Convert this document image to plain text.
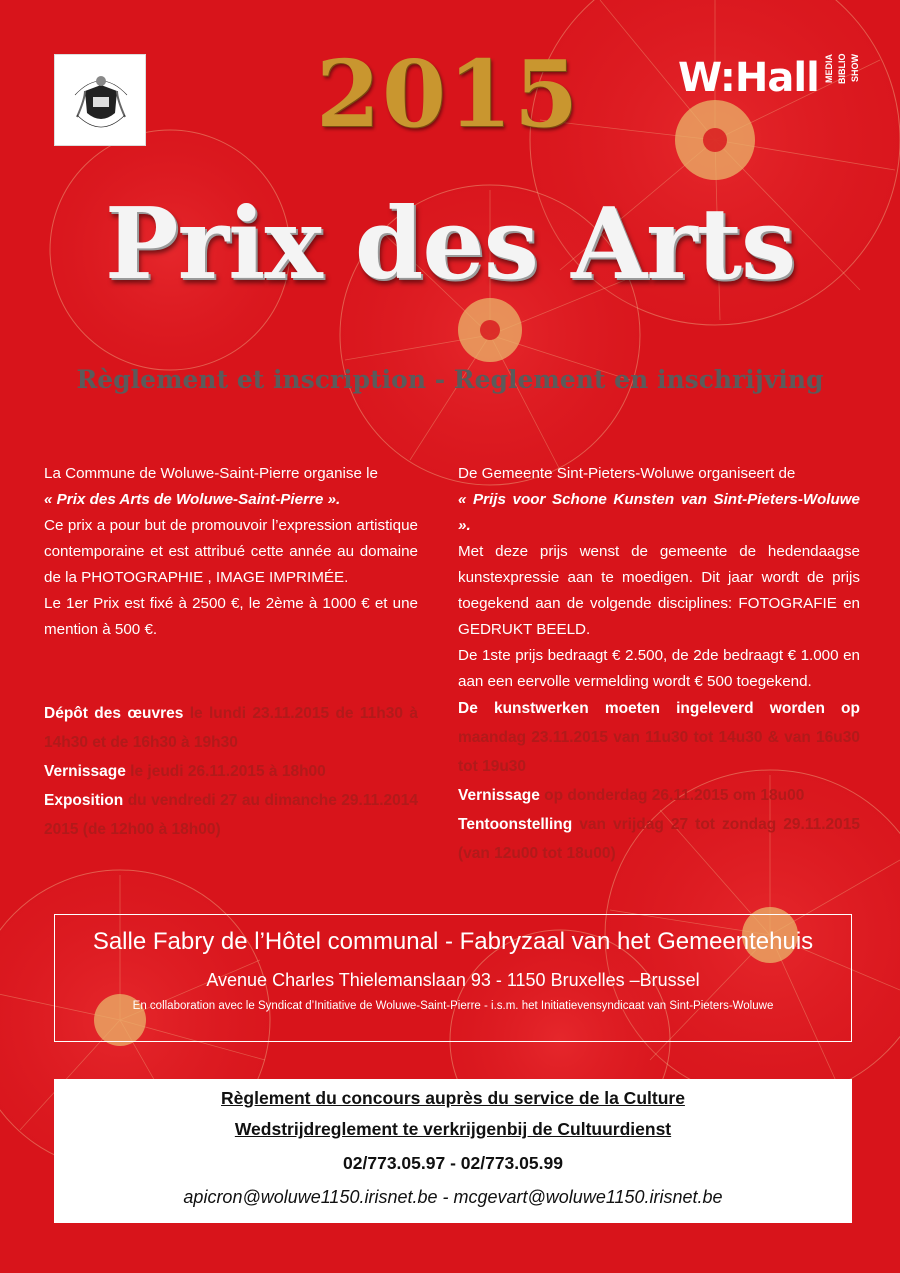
2015	W:Hall MEDIA BIBLIO SHOW
Prix des Arts
Règlement et inscription - Reglement en inschrijving

La Commune de Woluwe-Saint-Pierre organise le

« Prix des Arts de Woluwe-Saint-Pierre ».

Ce prix a pour but de promouvoir l’expression artistique contemporaine et est attribué cette année au domaine de la PHOTOGRAPHIE , IMAGE IMPRIMÉE.

Le 1er Prix est fixé à 2500 €, le 2ème à 1000 € et une mention à 500 €.

De Gemeente Sint-Pieters-Woluwe organiseert de

« Prijs voor Schone Kunsten van Sint-Pieters-Woluwe ».

Met deze prijs wenst de gemeente de hedendaagse kunstexpressie aan te moedigen. Dit jaar wordt de prijs toegekend aan de volgende disciplines: FOTOGRAFIE en GEDRUKT BEELD.

De 1ste prijs bedraagt € 2.500, de 2de bedraagt € 1.000 en aan een eervolle vermelding wordt € 500 toegekend.

Dépôt des œuvres le lundi 23.11.2015 de 11h30 à 14h30 et de 16h30 à 19h30

Vernissage le jeudi 26.11.2015 à 18h00

Exposition du vendredi 27 au dimanche 29.11.2014 2015 (de 12h00 à 18h00)

De kunstwerken moeten ingeleverd worden op maandag 23.11.2015 van 11u30 tot 14u30 & van 16u30 tot 19u30

Vernissage op donderdag 26.11.2015 om 18u00

Tentoonstelling van vrijdag 27 tot zondag 29.11.2015 (van 12u00 tot 18u00)

Salle Fabry de l’Hôtel communal - Fabryzaal van het Gemeentehuis
Avenue Charles Thielemanslaan 93 - 1150 Bruxelles –Brussel
En collaboration avec le Syndicat d’Initiative de Woluwe-Saint-Pierre - i.s.m. het Initiatievensyndicaat van Sint-Pieters-Woluwe
Règlement du concours auprès du service de la Culture
Wedstrijdreglement te verkrijgenbij de Cultuurdienst
02/773.05.97 - 02/773.05.99
apicron@woluwe1150.irisnet.be - mcgevart@woluwe1150.irisnet.be
